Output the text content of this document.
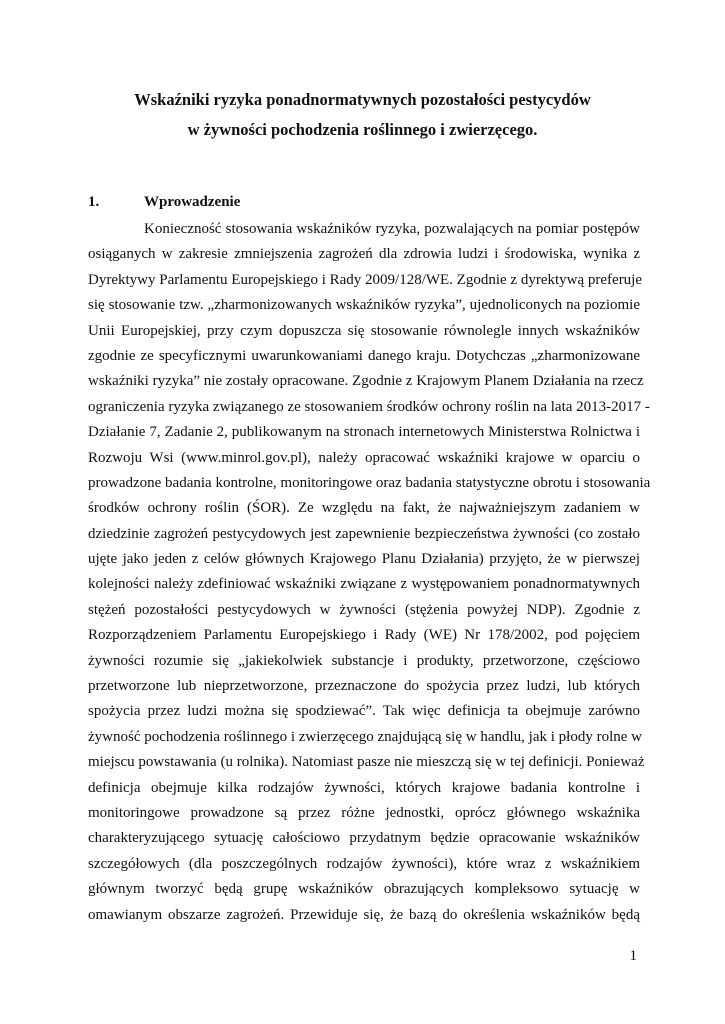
Wskaźniki ryzyka ponadnormatywnych pozostałości pestycydów
w żywności pochodzenia roślinnego i zwierzęcego.
1.	Wprowadzenie
Konieczność stosowania wskaźników ryzyka, pozwalających na pomiar postępów
osiąganych w zakresie zmniejszenia zagrożeń dla zdrowia ludzi i środowiska, wynika z
Dyrektywy Parlamentu Europejskiego i Rady 2009/128/WE. Zgodnie z dyrektywą preferuje
się stosowanie tzw. „zharmonizowanych wskaźników ryzyka”, ujednoliconych na poziomie
Unii Europejskiej, przy czym dopuszcza się stosowanie równolegle innych wskaźników
zgodnie ze specyficznymi uwarunkowaniami danego kraju. Dotychczas „zharmonizowane
wskaźniki ryzyka” nie zostały opracowane. Zgodnie z Krajowym Planem Działania na rzecz
ograniczenia ryzyka związanego ze stosowaniem środków ochrony roślin na lata 2013-2017 -
Działanie 7, Zadanie 2, publikowanym na stronach internetowych Ministerstwa Rolnictwa i
Rozwoju Wsi (www.minrol.gov.pl), należy opracować wskaźniki krajowe w oparciu o
prowadzone badania kontrolne, monitoringowe oraz badania statystyczne obrotu i stosowania
środków ochrony roślin (ŚOR). Ze względu na fakt, że najważniejszym zadaniem w
dziedzinie zagrożeń pestycydowych jest zapewnienie bezpieczeństwa żywności (co zostało
ujęte jako jeden z celów głównych Krajowego Planu Działania) przyjęto, że w pierwszej
kolejności należy zdefiniować wskaźniki związane z występowaniem ponadnormatywnych
stężeń pozostałości pestycydowych w żywności (stężenia powyżej NDP). Zgodnie z
Rozporządzeniem Parlamentu Europejskiego i Rady (WE) Nr 178/2002, pod pojęciem
żywności rozumie się „jakiekolwiek substancje i produkty, przetworzone, częściowo
przetworzone lub nieprzetworzone, przeznaczone do spożycia przez ludzi, lub których
spożycia przez ludzi można się spodziewać”. Tak więc definicja ta obejmuje zarówno
żywność pochodzenia roślinnego i zwierzęcego znajdującą się w handlu, jak i płody rolne w
miejscu powstawania (u rolnika). Natomiast pasze nie mieszczą się w tej definicji. Ponieważ
definicja obejmuje kilka rodzajów żywności, których krajowe badania kontrolne i
monitoringowe prowadzone są przez różne jednostki, oprócz głównego wskaźnika
charakteryzującego sytuację całościowo przydatnym będzie opracowanie wskaźników
szczegółowych (dla poszczególnych rodzajów żywności), które wraz z wskaźnikiem
głównym tworzyć będą grupę wskaźników obrazujących kompleksowo sytuację w
omawianym obszarze zagrożeń. Przewiduje się, że bazą do określenia wskaźników będą
1
